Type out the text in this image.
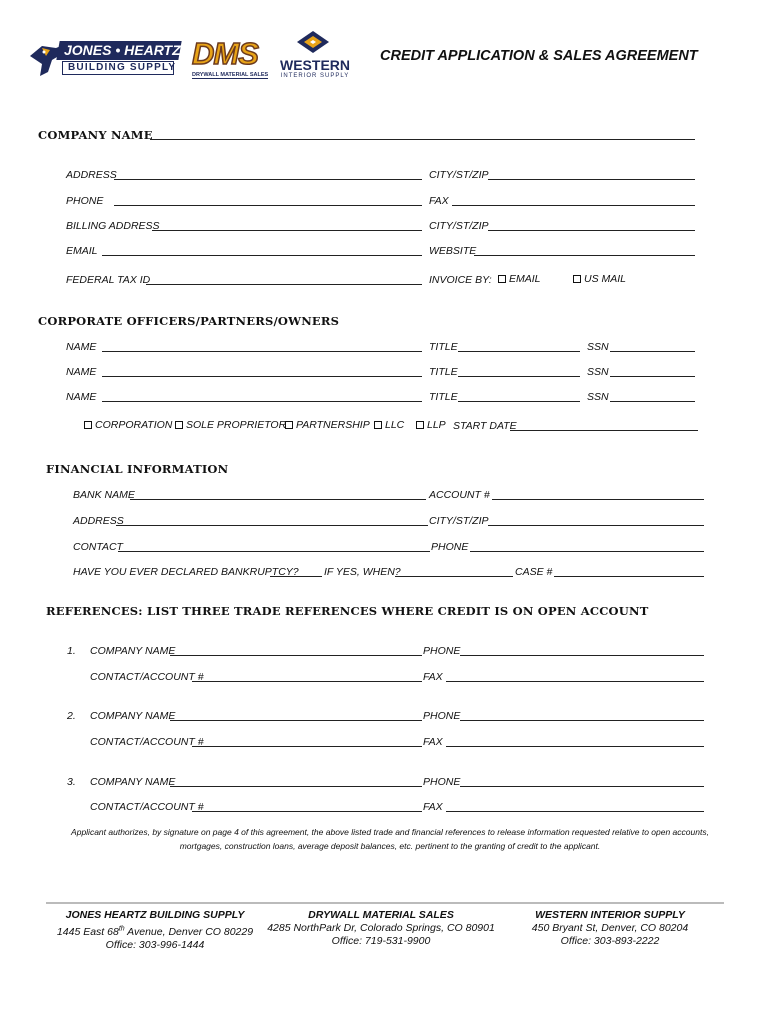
JONES • HEARTZ
BUILDING SUPPLY DMS
DRYWALL MATERIAL SALES
WESTERN
INTERIOR SUPPLY
CREDIT APPLICATION & SALES AGREEMENT
COMPANY NAME
ADDRESS	CITY/ST/ZIP
PHONE	FAX
BILLING ADDRESS	CITY/ST/ZIP
EMAIL	WEBSITE
FEDERAL TAX ID	INVOICE BY:	EMAIL	US MAIL
CORPORATE OFFICERS/PARTNERS/OWNERS
NAME	TITLE	SSN
NAME	TITLE	SSN
NAME	TITLE	SSN
CORPORATION	SOLE PROPRIETOR PARTNERSHIP	LLC	LLP START DATE
FINANCIAL INFORMATION
BANK NAME	ACCOUNT #
ADDRESS	CITY/ST/ZIP
CONTACT	PHONE
HAVE YOU EVER DECLARED BANKRUPTCY? IF YES, WHEN?	CASE #
REFERENCES: LIST THREE TRADE REFERENCES WHERE CREDIT IS ON OPEN ACCOUNT
1. COMPANY NAME	PHONE
CONTACT/ACCOUNT #	FAX
2. COMPANY NAME	PHONE
CONTACT/ACCOUNT #	FAX
3. COMPANY NAME	PHONE
CONTACT/ACCOUNT #	FAX
Applicant authorizes, by signature on page 4 of this agreement, the above listed trade and financial references to release information requested relative to open accounts, mortgages, construction loans, average deposit balances, etc. pertinent to the granting of credit to the applicant.
JONES HEARTZ BUILDING SUPPLY
1445 East 68th Avenue, Denver CO 80229
Office: 303-996-1444
DRYWALL MATERIAL SALES
4285 NorthPark Dr, Colorado Springs, CO 80901
Office: 719-531-9900
WESTERN INTERIOR SUPPLY
450 Bryant St, Denver, CO 80204
Office: 303-893-2222
